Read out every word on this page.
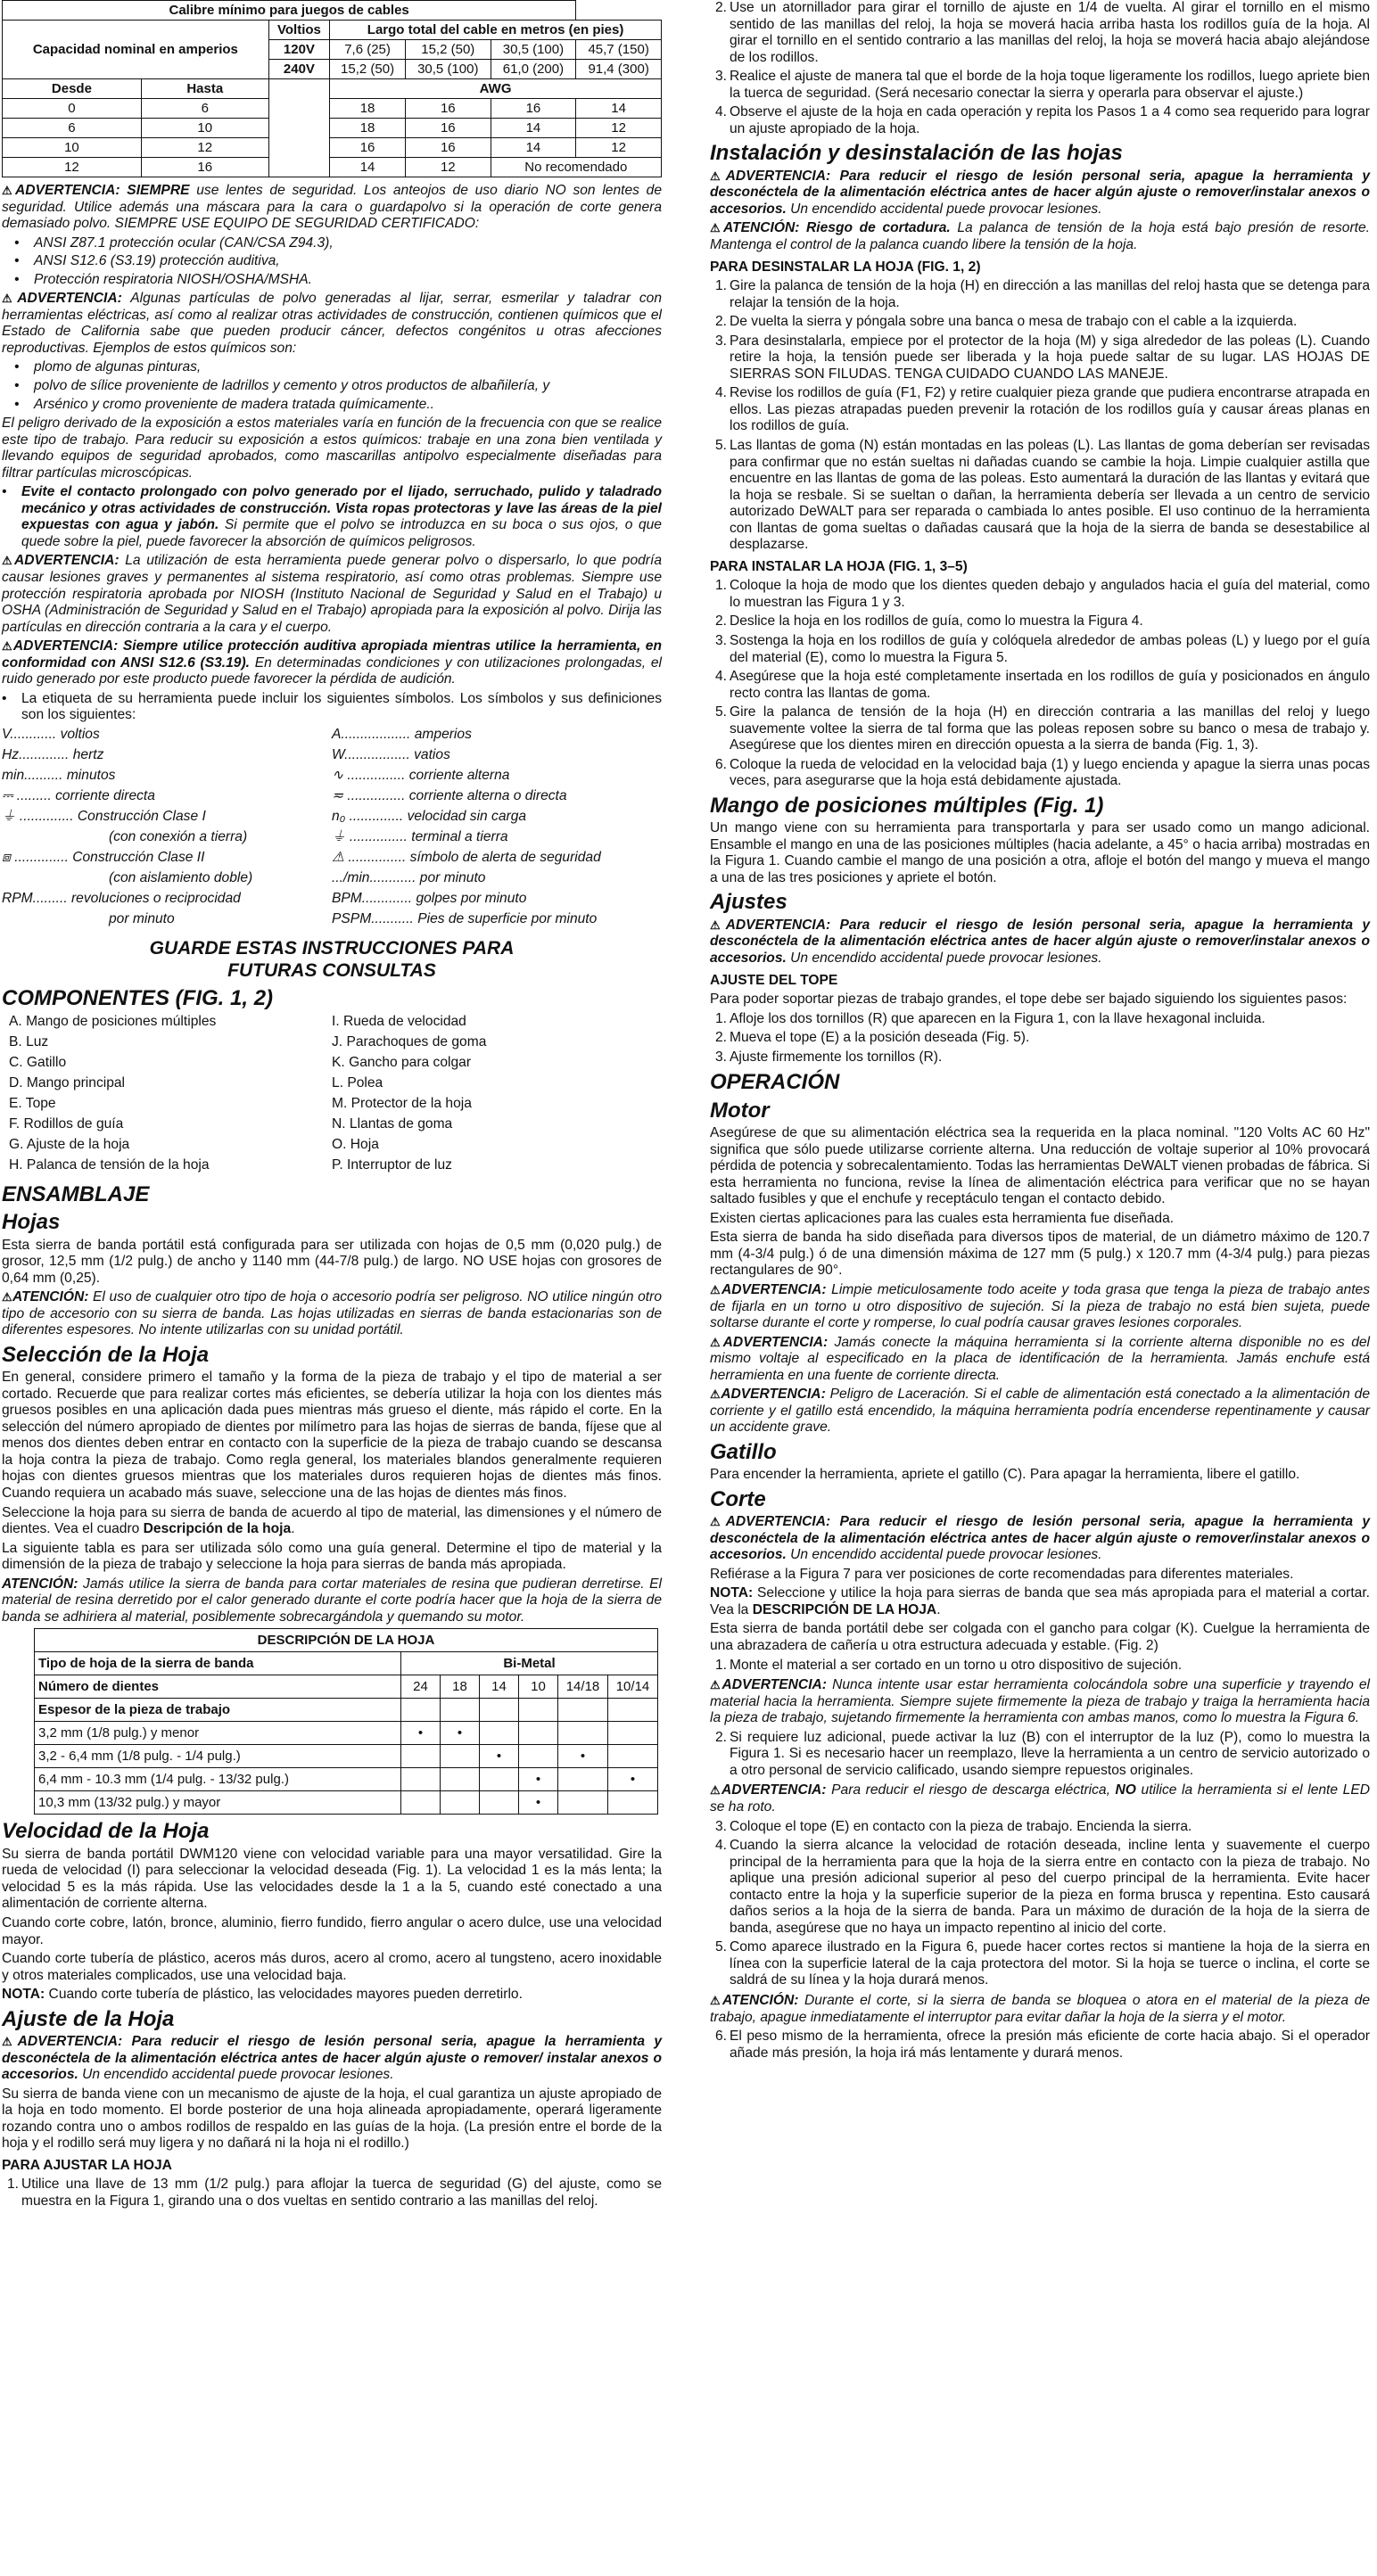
Calibre mínimo para juegos de cables						
Capacidad nominal en amperios		Voltios	Largo total del cable en metros (en pies)			
		120V	7,6 (25)	15,2 (50)	30,5 (100)	45,7 (150)
		240V	15,2 (50)	30,5 (100)	61,0 (200)	91,4 (300)
Desde	Hasta		AWG			
0	6		18	16	16	14
6	10		18	16	14	12
10	12		16	16	14	12
12	16		14	12	No recomendado	

⚠ADVERTENCIA: SIEMPRE use lentes de seguridad. Los anteojos de uso diario NO son lentes de seguridad. Utilice además una máscara para la cara o guardapolvo si la operación de corte genera demasiado polvo. SIEMPRE USE EQUIPO DE SEGURIDAD CERTIFICADO:

• ANSI Z87.1 protección ocular (CAN/CSA Z94.3),
• ANSI S12.6 (S3.19) protección auditiva,
• Protección respiratoria NIOSH/OSHA/MSHA.

⚠ADVERTENCIA: Algunas partículas de polvo generadas al lijar, serrar, esmerilar y taladrar con herramientas eléctricas, así como al realizar otras actividades de construcción, contienen químicos que el Estado de California sabe que pueden producir cáncer, defectos congénitos u otras afecciones reproductivas. Ejemplos de estos químicos son:

• plomo de algunas pinturas,
• polvo de sílice proveniente de ladrillos y cemento y otros productos de albañilería, y
• Arsénico y cromo proveniente de madera tratada químicamente..

El peligro derivado de la exposición a estos materiales varía en función de la frecuencia con que se realice este tipo de trabajo. Para reducir su exposición a estos químicos: trabaje en una zona bien ventilada y llevando equipos de seguridad aprobados, como mascarillas antipolvo especialmente diseñadas para filtrar partículas microscópicas.

• Evite el contacto prolongado con polvo generado por el lijado, serruchado, pulido y taladrado mecánico y otras actividades de construcción. Vista ropas protectoras y lave las áreas de la piel expuestas con agua y jabón. Si permite que el polvo se introduzca en su boca o sus ojos, o que quede sobre la piel, puede favorecer la absorción de químicos peligrosos.

⚠ADVERTENCIA: La utilización de esta herramienta puede generar polvo o dispersarlo, lo que podría causar lesiones graves y permanentes al sistema respiratorio, así como otras problemas. Siempre use protección respiratoria aprobada por NIOSH (Instituto Nacional de Seguridad y Salud en el Trabajo) u OSHA (Administración de Seguridad y Salud en el Trabajo) apropiada para la exposición al polvo. Dirija las partículas en dirección contraria a la cara y el cuerpo.

⚠ADVERTENCIA: Siempre utilice protección auditiva apropiada mientras utilice la herramienta, en conformidad con ANSI S12.6 (S3.19). En determinadas condiciones y con utilizaciones prolongadas, el ruido generado por este producto puede favorecer la pérdida de audición.

• La etiqueta de su herramienta puede incluir los siguientes símbolos. Los símbolos y sus definiciones son los siguientes:
V............ voltios	A.................. amperios
Hz............. hertz	W................. vatios
min.......... minutos	∿ ............... corriente alterna
⎓ ......... corriente directa	≂ ............... corriente alterna o directa
⏚ .............. Construcción Clase I	n₀ .............. velocidad sin carga
(con conexión a tierra)	⏚ ............... terminal a tierra
⧈ .............. Construcción Clase II	⚠ ............... símbolo de alerta de seguridad
(con aislamiento doble)	.../min............ por minuto
RPM......... revoluciones o reciprocidad	BPM............. golpes por minuto
por minuto	PSPM........... Pies de superficie por minuto
GUARDE ESTAS INSTRUCCIONES PARA
FUTURAS CONSULTAS
COMPONENTES (FIG. 1, 2)
A. Mango de posiciones múltiples	I. Rueda de velocidad
B. Luz	J. Parachoques de goma
C. Gatillo	K. Gancho para colgar
D. Mango principal	L. Polea
E. Tope	M. Protector de la hoja
F. Rodillos de guía	N. Llantas de goma
G. Ajuste de la hoja	O. Hoja
H. Palanca de tensión de la hoja	P. Interruptor de luz
ENSAMBLAJE
Hojas

Esta sierra de banda portátil está configurada para ser utilizada con hojas de 0,5 mm (0,020 pulg.) de grosor, 12,5 mm (1/2 pulg.) de ancho y 1140 mm (44-7/8 pulg.) de largo. NO USE hojas con grosores de 0,64 mm (0,25).

⚠ATENCIÓN: El uso de cualquier otro tipo de hoja o accesorio podría ser peligroso. NO utilice ningún otro tipo de accesorio con su sierra de banda. Las hojas utilizadas en sierras de banda estacionarias son de diferentes espesores. No intente utilizarlas con su unidad portátil.

Selección de la Hoja

En general, considere primero el tamaño y la forma de la pieza de trabajo y el tipo de material a ser cortado. Recuerde que para realizar cortes más eficientes, se debería utilizar la hoja con los dientes más gruesos posibles en una aplicación dada pues mientras más grueso el diente, más rápido el corte. En la selección del número apropiado de dientes por milímetro para las hojas de sierras de banda, fíjese que al menos dos dientes deben entrar en contacto con la superficie de la pieza de trabajo cuando se descansa la hoja contra la pieza de trabajo. Como regla general, los materiales blandos generalmente requieren hojas con dientes gruesos mientras que los materiales duros requieren hojas de dientes más finos. Cuando requiera un acabado más suave, seleccione una de las hojas de dientes más finos.

Seleccione la hoja para su sierra de banda de acuerdo al tipo de material, las dimensiones y el número de dientes. Vea el cuadro Descripción de la hoja.

La siguiente tabla es para ser utilizada sólo como una guía general. Determine el tipo de material y la dimensión de la pieza de trabajo y seleccione la hoja para sierras de banda más apropiada.

ATENCIÓN: Jamás utilice la sierra de banda para cortar materiales de resina que pudieran derretirse. El material de resina derretido por el calor generado durante el corte podría hacer que la hoja de la sierra de banda se adhiriera al material, posiblemente sobrecargándola y quemando su motor.

DESCRIPCIÓN DE LA HOJA						
Tipo de hoja de la sierra de banda	Bi-Metal					
Número de dientes	24	18	14	10	14/18	10/14
Espesor de la pieza de trabajo						
3,2 mm (1/8 pulg.) y menor	•	•				
3,2 - 6,4 mm (1/8 pulg. - 1/4 pulg.)			•		•	
6,4 mm - 10.3 mm (1/4 pulg. - 13/32 pulg.)				•		•
10,3 mm (13/32 pulg.) y mayor				•		
Velocidad de la Hoja

Su sierra de banda portátil DWM120 viene con velocidad variable para una mayor versatilidad. Gire la rueda de velocidad (I) para seleccionar la velocidad deseada (Fig. 1). La velocidad 1 es la más lenta; la velocidad 5 es la más rápida. Use las velocidades desde la 1 a la 5, cuando esté conectado a una alimentación de corriente alterna.

Cuando corte cobre, latón, bronce, aluminio, fierro fundido, fierro angular o acero dulce, use una velocidad mayor.

Cuando corte tubería de plástico, aceros más duros, acero al cromo, acero al tungsteno, acero inoxidable y otros materiales complicados, use una velocidad baja.

NOTA: Cuando corte tubería de plástico, las velocidades mayores pueden derretirlo.

Ajuste de la Hoja

⚠ADVERTENCIA: Para reducir el riesgo de lesión personal seria, apague la herramienta y desconéctela de la alimentación eléctrica antes de hacer algún ajuste o remover/ instalar anexos o accesorios. Un encendido accidental puede provocar lesiones.

Su sierra de banda viene con un mecanismo de ajuste de la hoja, el cual garantiza un ajuste apropiado de la hoja en todo momento. El borde posterior de una hoja alineada apropiadamente, operará ligeramente rozando contra uno o ambos rodillos de respaldo en las guías de la hoja. (La presión entre el borde de la hoja y el rodillo será muy ligera y no dañará ni la hoja ni el rodillo.)

PARA AJUSTAR LA HOJA
1. Utilice una llave de 13 mm (1/2 pulg.) para aflojar la tuerca de seguridad (G) del ajuste, como se muestra en la Figura 1, girando una o dos vueltas en sentido contrario a las manillas del reloj.
2. Use un atornillador para girar el tornillo de ajuste en 1/4 de vuelta. Al girar el tornillo en el mismo sentido de las manillas del reloj, la hoja se moverá hacia arriba hasta los rodillos guía de la hoja. Al girar el tornillo en el sentido contrario a las manillas del reloj, la hoja se moverá hacia abajo alejándose de los rodillos.
3. Realice el ajuste de manera tal que el borde de la hoja toque ligeramente los rodillos, luego apriete bien la tuerca de seguridad. (Será necesario conectar la sierra y operarla para observar el ajuste.)
4. Observe el ajuste de la hoja en cada operación y repita los Pasos 1 a 4 como sea requerido para lograr un ajuste apropiado de la hoja.
Instalación y desinstalación de las hojas

⚠ADVERTENCIA: Para reducir el riesgo de lesión personal seria, apague la herramienta y desconéctela de la alimentación eléctrica antes de hacer algún ajuste o remover/instalar anexos o accesorios. Un encendido accidental puede provocar lesiones.

⚠ATENCIÓN: Riesgo de cortadura. La palanca de tensión de la hoja está bajo presión de resorte. Mantenga el control de la palanca cuando libere la tensión de la hoja.

PARA DESINSTALAR LA HOJA (FIG. 1, 2)
1. Gire la palanca de tensión de la hoja (H) en dirección a las manillas del reloj hasta que se detenga para relajar la tensión de la hoja.
2. De vuelta la sierra y póngala sobre una banca o mesa de trabajo con el cable a la izquierda.
3. Para desinstalarla, empiece por el protector de la hoja (M) y siga alrededor de las poleas (L). Cuando retire la hoja, la tensión puede ser liberada y la hoja puede saltar de su lugar. LAS HOJAS DE SIERRAS SON FILUDAS. TENGA CUIDADO CUANDO LAS MANEJE.
4. Revise los rodillos de guía (F1, F2) y retire cualquier pieza grande que pudiera encontrarse atrapada en ellos. Las piezas atrapadas pueden prevenir la rotación de los rodillos guía y causar áreas planas en los rodillos de guía.
5. Las llantas de goma (N) están montadas en las poleas (L). Las llantas de goma deberían ser revisadas para confirmar que no están sueltas ni dañadas cuando se cambie la hoja. Limpie cualquier astilla que encuentre en las llantas de goma de las poleas. Esto aumentará la duración de las llantas y evitará que la hoja se resbale. Si se sueltan o dañan, la herramienta debería ser llevada a un centro de servicio autorizado DeWALT para ser reparada o cambiada lo antes posible. El uso continuo de la herramienta con llantas de goma sueltas o dañadas causará que la hoja de la sierra de banda se desestabilice al desplazarse.
PARA INSTALAR LA HOJA (FIG. 1, 3–5)
1. Coloque la hoja de modo que los dientes queden debajo y angulados hacia el guía del material, como lo muestran las Figura 1 y 3.
2. Deslice la hoja en los rodillos de guía, como lo muestra la Figura 4.
3. Sostenga la hoja en los rodillos de guía y colóquela alrededor de ambas poleas (L) y luego por el guía del material (E), como lo muestra la Figura 5.
4. Asegúrese que la hoja esté completamente insertada en los rodillos de guía y posicionados en ángulo recto contra las llantas de goma.
5. Gire la palanca de tensión de la hoja (H) en dirección contraria a las manillas del reloj y luego suavemente voltee la sierra de tal forma que las poleas reposen sobre su banco o mesa de trabajo y. Asegúrese que los dientes miren en dirección opuesta a la sierra de banda (Fig. 1, 3).
6. Coloque la rueda de velocidad en la velocidad baja (1) y luego encienda y apague la sierra unas pocas veces, para asegurarse que la hoja está debidamente ajustada.
Mango de posiciones múltiples (Fig. 1)

Un mango viene con su herramienta para transportarla y para ser usado como un mango adicional. Ensamble el mango en una de las posiciones múltiples (hacia adelante, a 45° o hacia arriba) mostradas en la Figura 1. Cuando cambie el mango de una posición a otra, afloje el botón del mango y mueva el mango a una de las tres posiciones y apriete el botón.

Ajustes

⚠ADVERTENCIA: Para reducir el riesgo de lesión personal seria, apague la herramienta y desconéctela de la alimentación eléctrica antes de hacer algún ajuste o remover/instalar anexos o accesorios. Un encendido accidental puede provocar lesiones.

AJUSTE DEL TOPE

Para poder soportar piezas de trabajo grandes, el tope debe ser bajado siguiendo los siguientes pasos:

1. Afloje los dos tornillos (R) que aparecen en la Figura 1, con la llave hexagonal incluida.
2. Mueva el tope (E) a la posición deseada (Fig. 5).
3. Ajuste firmemente los tornillos (R).
OPERACIÓN
Motor

Asegúrese de que su alimentación eléctrica sea la requerida en la placa nominal. "120 Volts AC 60 Hz" significa que sólo puede utilizarse corriente alterna. Una reducción de voltaje superior al 10% provocará pérdida de potencia y sobrecalentamiento. Todas las herramientas DeWALT vienen probadas de fábrica. Si esta herramienta no funciona, revise la línea de alimentación eléctrica para verificar que no se hayan saltado fusibles y que el enchufe y receptáculo tengan el contacto debido.

Existen ciertas aplicaciones para las cuales esta herramienta fue diseñada.

Esta sierra de banda ha sido diseñada para diversos tipos de material, de un diámetro máximo de 120.7 mm (4-3/4 pulg.) ó de una dimensión máxima de 127 mm (5 pulg.) x 120.7 mm (4-3/4 pulg.) para piezas rectangulares de 90°.

⚠ADVERTENCIA: Limpie meticulosamente todo aceite y toda grasa que tenga la pieza de trabajo antes de fijarla en un torno u otro dispositivo de sujeción. Si la pieza de trabajo no está bien sujeta, puede soltarse durante el corte y romperse, lo cual podría causar graves lesiones corporales.

⚠ADVERTENCIA: Jamás conecte la máquina herramienta si la corriente alterna disponible no es del mismo voltaje al especificado en la placa de identificación de la herramienta. Jamás enchufe está herramienta en una fuente de corriente directa.

⚠ADVERTENCIA: Peligro de Laceración. Si el cable de alimentación está conectado a la alimentación de corriente y el gatillo está encendido, la máquina herramienta podría encenderse repentinamente y causar un accidente grave.

Gatillo

Para encender la herramienta, apriete el gatillo (C). Para apagar la herramienta, libere el gatillo.

Corte

⚠ADVERTENCIA: Para reducir el riesgo de lesión personal seria, apague la herramienta y desconéctela de la alimentación eléctrica antes de hacer algún ajuste o remover/instalar anexos o accesorios. Un encendido accidental puede provocar lesiones.

Refiérase a la Figura 7 para ver posiciones de corte recomendadas para diferentes materiales.

NOTA: Seleccione y utilice la hoja para sierras de banda que sea más apropiada para el material a cortar. Vea la DESCRIPCIÓN DE LA HOJA.

Esta sierra de banda portátil debe ser colgada con el gancho para colgar (K). Cuelgue la herramienta de una abrazadera de cañería u otra estructura adecuada y estable. (Fig. 2)

1. Monte el material a ser cortado en un torno u otro dispositivo de sujeción.

⚠ADVERTENCIA: Nunca intente usar estar herramienta colocándola sobre una superficie y trayendo el material hacia la herramienta. Siempre sujete firmemente la pieza de trabajo y traiga la herramienta hacia la pieza de trabajo, sujetando firmemente la herramienta con ambas manos, como lo muestra la Figura 6.

2. Si requiere luz adicional, puede activar la luz (B) con el interruptor de la luz (P), como lo muestra la Figura 1. Si es necesario hacer un reemplazo, lleve la herramienta a un centro de servicio autorizado o a otro personal de servicio calificado, usando siempre repuestos originales.

⚠ADVERTENCIA: Para reducir el riesgo de descarga eléctrica, NO utilice la herramienta si el lente LED se ha roto.

3. Coloque el tope (E) en contacto con la pieza de trabajo. Encienda la sierra.
4. Cuando la sierra alcance la velocidad de rotación deseada, incline lenta y suavemente el cuerpo principal de la herramienta para que la hoja de la sierra entre en contacto con la pieza de trabajo. No aplique una presión adicional superior al peso del cuerpo principal de la herramienta. Evite hacer contacto entre la hoja y la superficie superior de la pieza en forma brusca y repentina. Esto causará daños serios a la hoja de la sierra de banda. Para un máximo de duración de la hoja de la sierra de banda, asegúrese que no haya un impacto repentino al inicio del corte.
5. Como aparece ilustrado en la Figura 6, puede hacer cortes rectos si mantiene la hoja de la sierra en línea con la superficie lateral de la caja protectora del motor. Si la hoja se tuerce o inclina, el corte se saldrá de su línea y la hoja durará menos.

⚠ATENCIÓN: Durante el corte, si la sierra de banda se bloquea o atora en el material de la pieza de trabajo, apague inmediatamente el interruptor para evitar dañar la hoja de la sierra y el motor.

6. El peso mismo de la herramienta, ofrece la presión más eficiente de corte hacia abajo. Si el operador añade más presión, la hoja irá más lentamente y durará menos.
